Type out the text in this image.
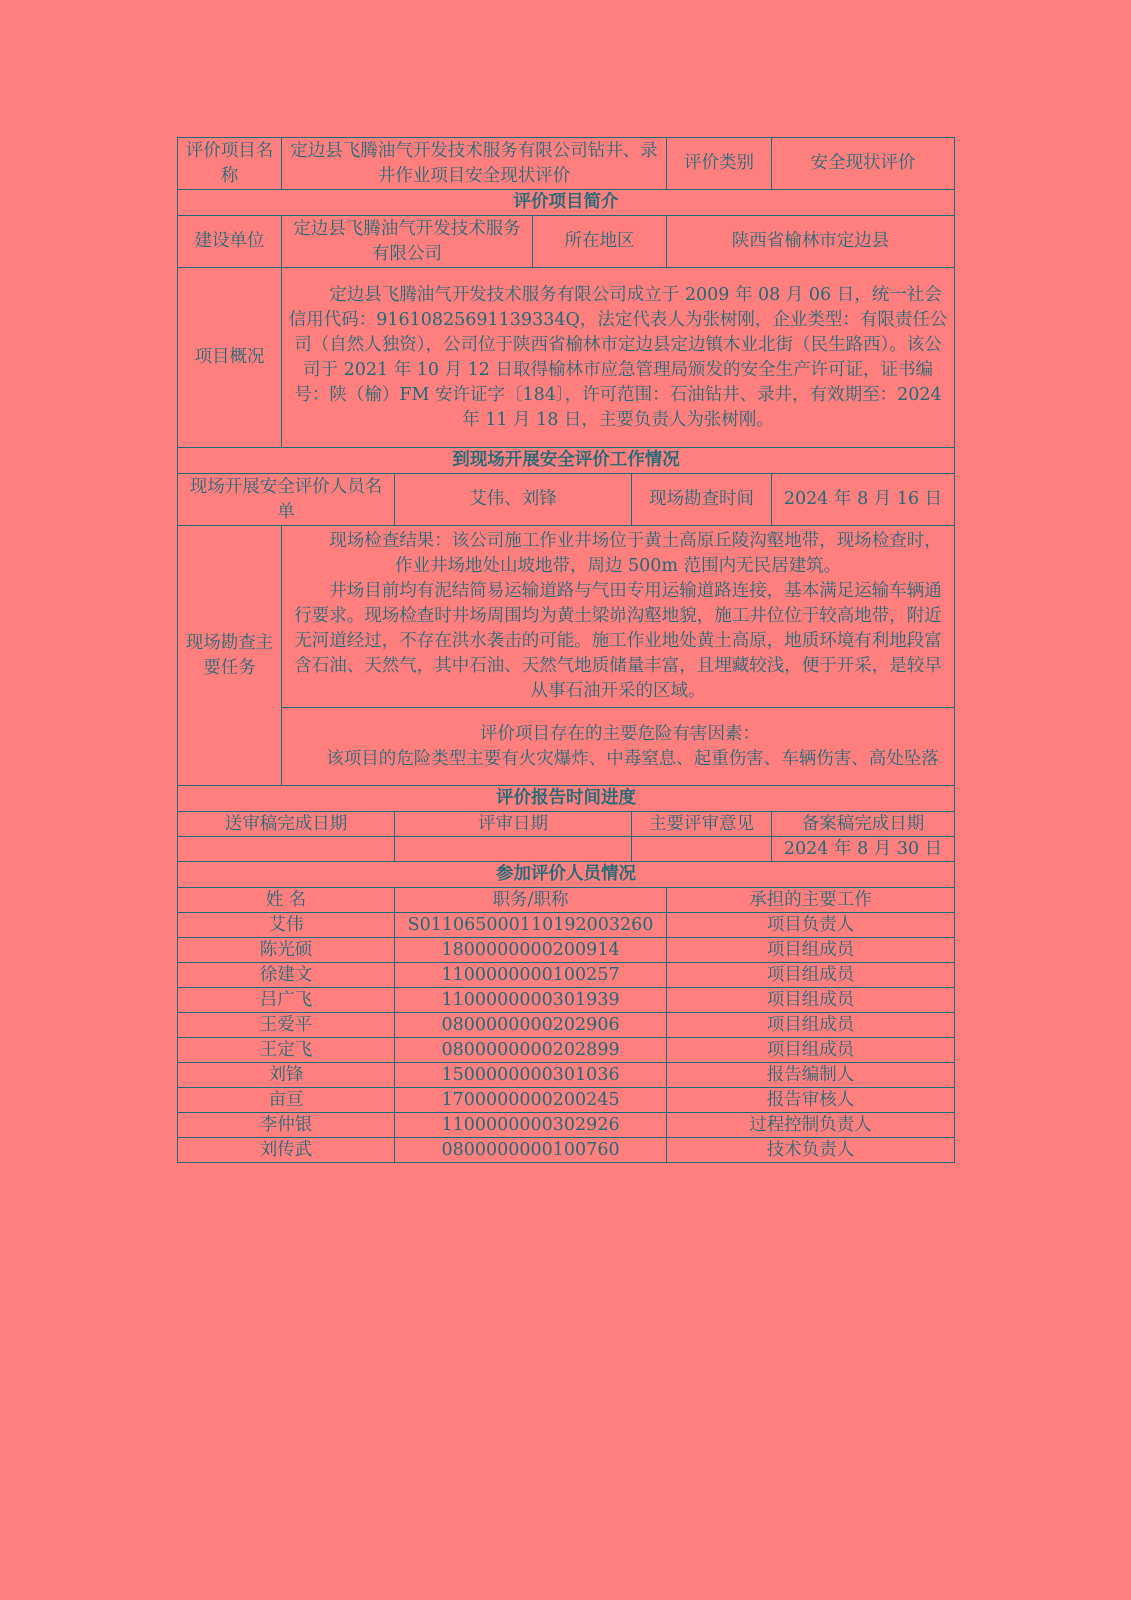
评价项目名称	定边县飞腾油气开发技术服务有限公司钻井、录井作业项目安全现状评价				评价类别	安全现状评价
评价项目简介						
建设单位	定边县飞腾油气开发技术服务有限公司		所在地区		陕西省榆林市定边县	
项目概况	定边县飞腾油气开发技术服务有限公司成立于 2009 年 08 月 06 日，统一社会信用代码：91610825691139334Q，法定代表人为张树刚，企业类型：有限责任公司（自然人独资），公司位于陕西省榆林市定边县定边镇木业北街（民生路西）。该公司于 2021 年 10 月 12 日取得榆林市应急管理局颁发的安全生产许可证，证书编号：陕（榆）FM 安许证字〔184〕，许可范围：石油钻井、录井，有效期至：2024 年 11 月 18 日，主要负责人为张树刚。					

到现场开展安全评价工作情况						
现场开展安全评价人员名单		艾伟、刘锋		现场勘查时间		2024 年 8 月 16 日
现场勘查主要任务	现场检查结果：该公司施工作业井场位于黄土高原丘陵沟壑地带，现场检查时，作业井场地处山坡地带，周边 500m 范围内无民居建筑。
井场目前均有泥结简易运输道路与气田专用运输道路连接，基本满足运输车辆通行要求。现场检查时井场周围均为黄土梁峁沟壑地貌，施工井位位于较高地带，附近无河道经过，不存在洪水袭击的可能。施工作业地处黄土高原，地质环境有利地段富含石油、天然气，其中石油、天然气地质储量丰富，且埋藏较浅，便于开采，是较早从事石油开采的区域。					

	评价项目存在的主要危险有害因素：
该项目的危险类型主要有火灾爆炸、中毒窒息、起重伤害、车辆伤害、高处坠落					

评价报告时间进度						
送审稿完成日期		评审日期		主要评审意见		备案稿完成日期
						2024 年 8 月 30 日
参加评价人员情况						
姓 名		职务/职称			承担的主要工作	
艾伟		S011065000110192003260			项目负责人	
陈光硕		1800000000200914			项目组成员	
徐建文		1100000000100257			项目组成员	
吕广飞		1100000000301939			项目组成员	
王爱平		0800000000202906			项目组成员	
王定飞		0800000000202899			项目组成员	
刘锋		1500000000301036			报告编制人	
亩亘		1700000000200245			报告审核人	
李仲银		1100000000302926			过程控制负责人	
刘传武		0800000000100760			技术负责人	
